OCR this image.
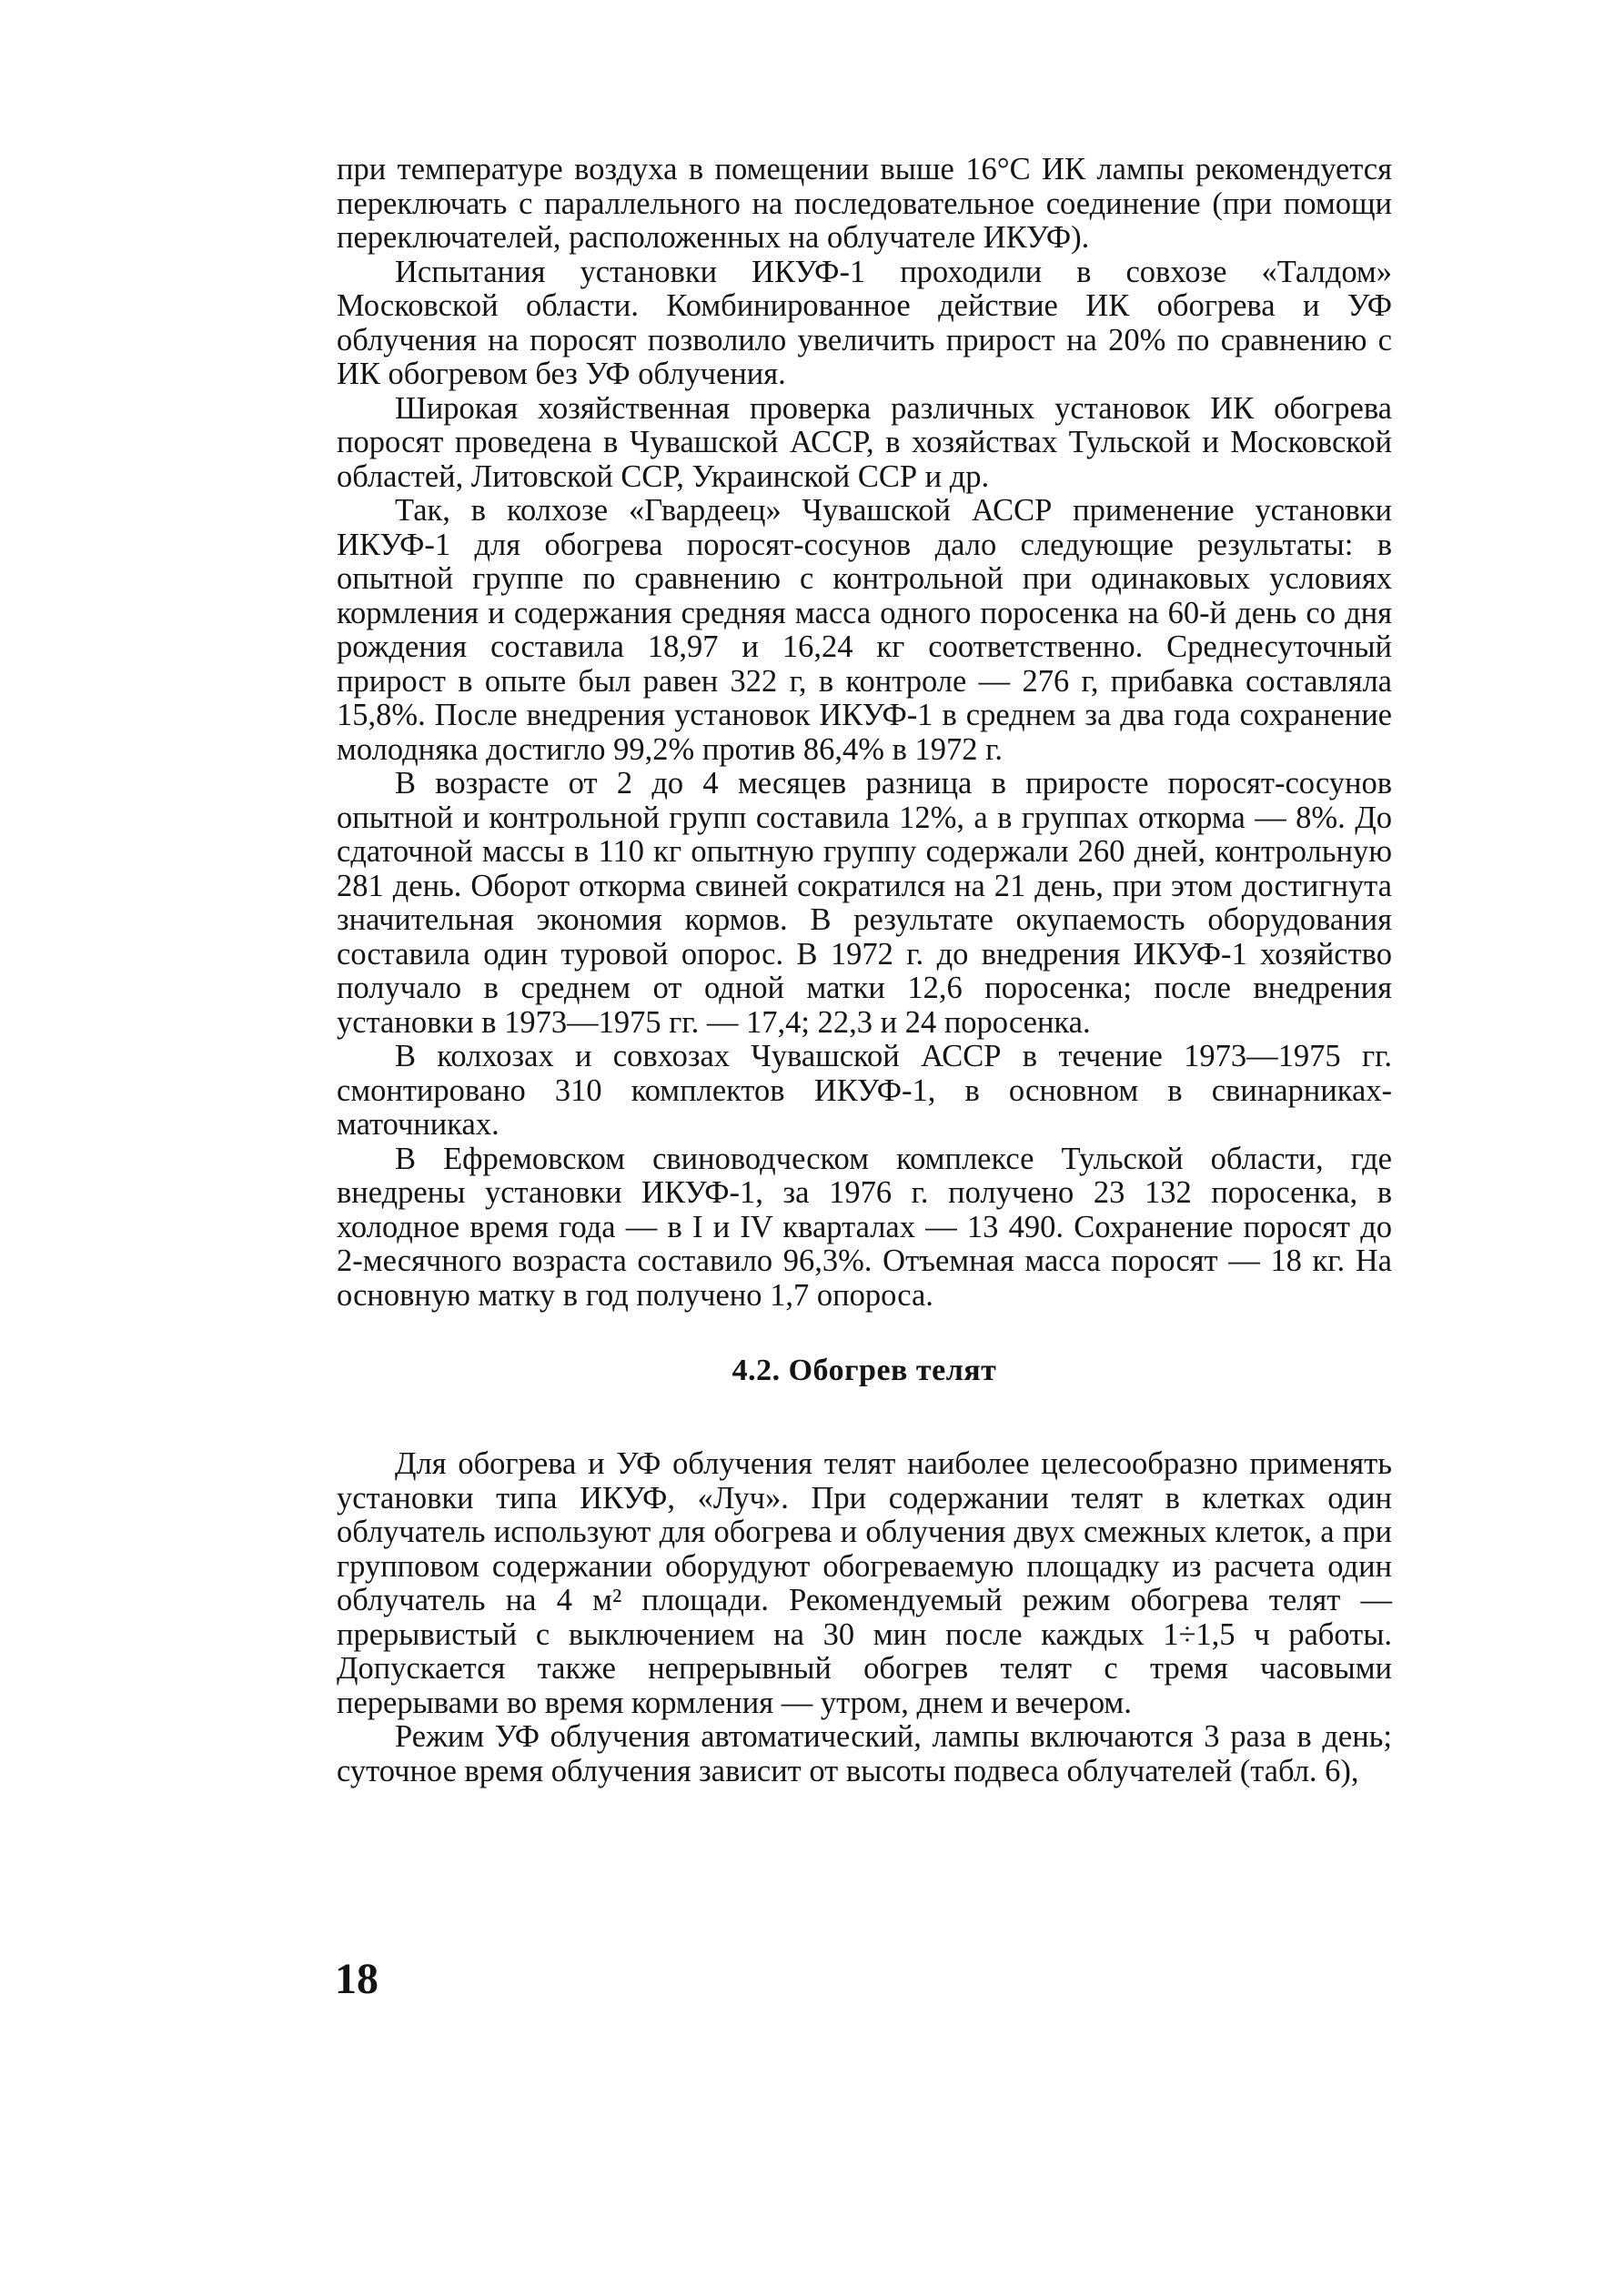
при температуре воздуха в помещении выше 16°С ИК лампы рекомендуется переключать с параллельного на последовательное соединение (при помощи переключателей, расположенных на облучателе ИКУФ).

Испытания установки ИКУФ-1 проходили в совхозе «Талдом» Московской области. Комбинированное действие ИК обогрева и УФ облучения на поросят позволило увеличить прирост на 20% по сравнению с ИК обогревом без УФ облучения.

Широкая хозяйственная проверка различных установок ИК обогрева поросят проведена в Чувашской АССР, в хозяйствах Тульской и Московской областей, Литовской ССР, Украинской ССР и др.

Так, в колхозе «Гвардеец» Чувашской АССР применение установки ИКУФ-1 для обогрева поросят-сосунов дало следующие результаты: в опытной группе по сравнению с контрольной при одинаковых условиях кормления и содержания средняя масса одного поросенка на 60-й день со дня рождения составила 18,97 и 16,24 кг соответственно. Среднесуточный прирост в опыте был равен 322 г, в контроле — 276 г, прибавка составляла 15,8%. После внедрения установок ИКУФ-1 в среднем за два года сохранение молодняка достигло 99,2% против 86,4% в 1972 г.

В возрасте от 2 до 4 месяцев разница в приросте поросят-сосунов опытной и контрольной групп составила 12%, а в группах откорма — 8%. До сдаточной массы в 110 кг опытную группу содержали 260 дней, контрольную 281 день. Оборот откорма свиней сократился на 21 день, при этом достигнута значительная экономия кормов. В результате окупаемость оборудования составила один туровой опорос. В 1972 г. до внедрения ИКУФ-1 хозяйство получало в среднем от одной матки 12,6 поросенка; после внедрения установки в 1973—1975 гг. — 17,4; 22,3 и 24 поросенка.

В колхозах и совхозах Чувашской АССР в течение 1973—1975 гг. смонтировано 310 комплектов ИКУФ-1, в основном в свинарниках-маточниках.

В Ефремовском свиноводческом комплексе Тульской области, где внедрены установки ИКУФ-1, за 1976 г. получено 23 132 поросенка, в холодное время года — в I и IV кварталах — 13 490. Сохранение поросят до 2-месячного возраста составило 96,3%. Отъемная масса поросят — 18 кг. На основную матку в год получено 1,7 опороса.

4.2. Обогрев телят

Для обогрева и УФ облучения телят наиболее целесообразно применять установки типа ИКУФ, «Луч». При содержании телят в клетках один облучатель используют для обогрева и облучения двух смежных клеток, а при групповом содержании оборудуют обогреваемую площадку из расчета один облучатель на 4 м² площади. Рекомендуемый режим обогрева телят — прерывистый с выключением на 30 мин после каждых 1÷1,5 ч работы. Допускается также непрерывный обогрев телят с тремя часовыми перерывами во время кормления — утром, днем и вечером.

Режим УФ облучения автоматический, лампы включаются 3 раза в день; суточное время облучения зависит от высоты подвеса облучателей (табл. 6),

18
